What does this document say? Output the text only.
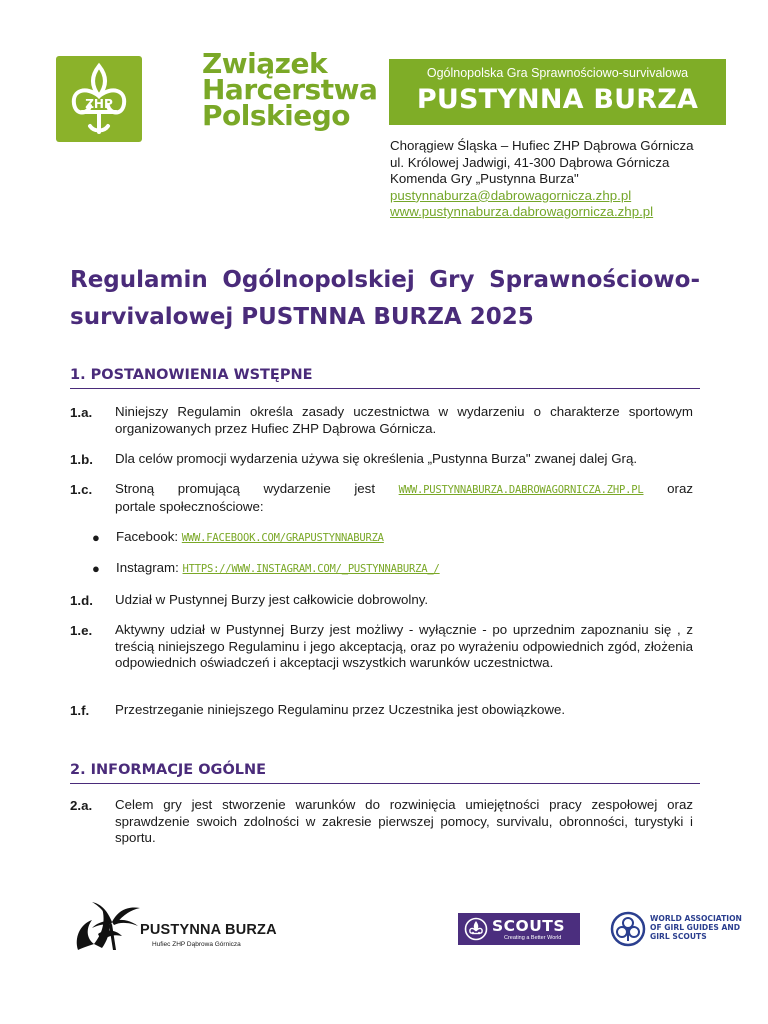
ZHP
Związek
Harcerstwa
Polskiego
Ogólnopolska Gra Sprawnościowo-survivalowa
PUSTYNNA BURZA
Chorągiew Śląska – Hufiec ZHP Dąbrowa Górnicza
ul. Królowej Jadwigi, 41-300 Dąbrowa Górnicza
Komenda Gry „Pustynna Burza"
pustynnaburza@dabrowagornicza.zhp.pl
www.pustynnaburza.dabrowagornicza.zhp.pl
Regulamin Ogólnopolskiej Gry Sprawnościowo-
survivalowej PUSTNNA BURZA 2025
1. POSTANOWIENIA WSTĘPNE
1.a. Niniejszy Regulamin określa zasady uczestnictwa w wydarzeniu o charakterze sportowym organizowanych przez Hufiec ZHP Dąbrowa Górnicza.
1.b. Dla celów promocji wydarzenia używa się określenia „Pustynna Burza" zwanej dalej Grą.
1.c. Stroną promującą wydarzenie jest WWW.PUSTYNNABURZA.DABROWAGORNICZA.ZHP.PL oraz
portale społecznościowe:
● Facebook: WWW.FACEBOOK.COM/GRAPUSTYNNABURZA
● Instagram: HTTPS://WWW.INSTAGRAM.COM/_PUSTYNNABURZA_/
1.d. Udział w Pustynnej Burzy jest całkowicie dobrowolny.
1.e. Aktywny udział w Pustynnej Burzy jest możliwy - wyłącznie - po uprzednim zapoznaniu się , z treścią niniejszego Regulaminu i jego akceptacją, oraz po wyrażeniu odpowiednich zgód, złożenia odpowiednich oświadczeń i akceptacji wszystkich warunków uczestnictwa.
1.f. Przestrzeganie niniejszego Regulaminu przez Uczestnika jest obowiązkowe.
2. INFORMACJE OGÓLNE
2.a. Celem gry jest stworzenie warunków do rozwinięcia umiejętności pracy zespołowej oraz sprawdzenie swoich zdolności w zakresie pierwszej pomocy, survivalu, obronności, turystyki i sportu.
PUSTYNNA BURZA
Hufiec ZHP Dąbrowa Górnicza
SCOUTS
Creating a Better World
WORLD ASSOCIATION OF GIRL GUIDES AND GIRL SCOUTS
